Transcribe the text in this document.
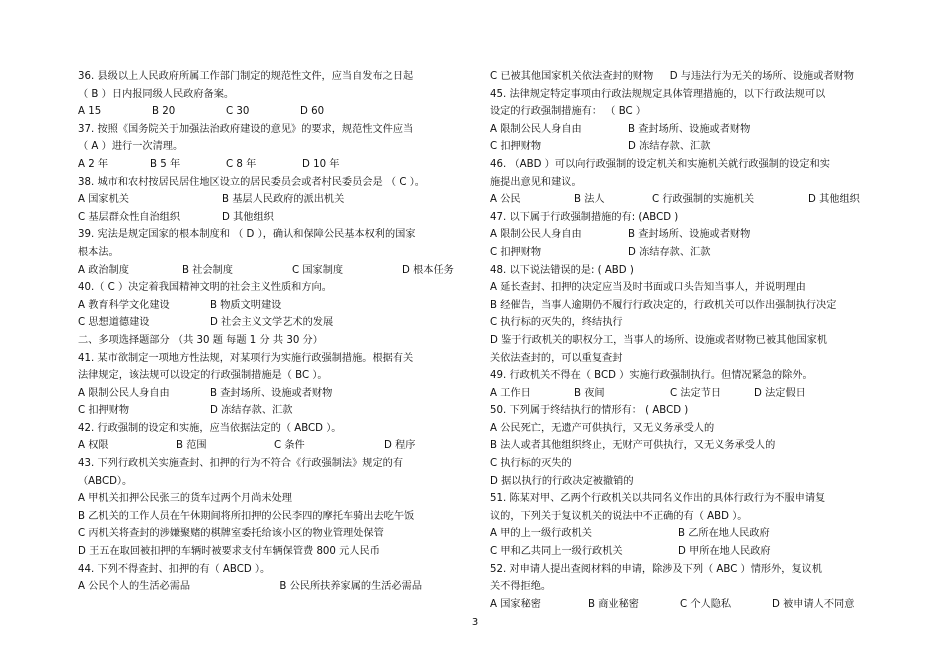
36. 县级以上人民政府所属工作部门制定的规范性文件，应当自发布之日起
（ B ）日内报同级人民政府备案。
A 15	B 20	C 30	D 60
37. 按照《国务院关于加强法治政府建设的意见》的要求，规范性文件应当
（ A ）进行一次清理。
A 2 年	B 5 年	C 8 年	D 10 年
38. 城市和农村按居民居住地区设立的居民委员会或者村民委员会是 （ C ）。
A 国家机关	B 基层人民政府的派出机关
C 基层群众性自治组织	D 其他组织
39. 宪法是规定国家的根本制度和 （ D ），确认和保障公民基本权利的国家
根本法。
A 政治制度	B 社会制度	C 国家制度	D 根本任务
40.（ C ）决定着我国精神文明的社会主义性质和方向。
A 教育科学文化建设	B 物质文明建设
C 思想道德建设	D 社会主义文学艺术的发展
二、多项选择题部分 （共 30 题 每题 1 分 共 30 分）
41. 某市欲制定一项地方性法规，对某项行为实施行政强制措施。根据有关
法律规定，该法规可以设定的行政强制措施是（ BC ）。
A 限制公民人身自由	B 查封场所、设施或者财物
C 扣押财物	D 冻结存款、汇款
42. 行政强制的设定和实施，应当依据法定的（ ABCD ）。
A 权限	B 范围	C 条件	D 程序
43. 下列行政机关实施查封、扣押的行为不符合《行政强制法》规定的有
（ABCD）。
A 甲机关扣押公民张三的货车过两个月尚未处理
B 乙机关的工作人员在午休期间将所扣押的公民李四的摩托车骑出去吃午饭
C 丙机关将查封的涉嫌聚赌的棋牌室委托给该小区的物业管理处保管
D 王五在取回被扣押的车辆时被要求支付车辆保管费 800 元人民币
44. 下列不得查封、扣押的有（ ABCD ）。
A 公民个人的生活必需品	B 公民所扶养家属的生活必需品
C 已被其他国家机关依法查封的财物	D 与违法行为无关的场所、设施或者财物
45. 法律规定特定事项由行政法规规定具体管理措施的，以下行政法规可以
设定的行政强制措施有： （ BC ）
A 限制公民人身自由	B 查封场所、设施或者财物
C 扣押财物	D 冻结存款、汇款
46. （ABD ）可以向行政强制的设定机关和实施机关就行政强制的设定和实
施提出意见和建议。
A 公民	B 法人	C 行政强制的实施机关	D 其他组织
47. 以下属于行政强制措施的有: (ABCD )
A 限制公民人身自由	B 查封场所、设施或者财物
C 扣押财物	D 冻结存款、汇款
48. 以下说法错误的是: ( ABD )
A 延长查封、扣押的决定应当及时书面或口头告知当事人，并说明理由
B 经催告，当事人逾期仍不履行行政决定的，行政机关可以作出强制执行决定
C 执行标的灭失的，终结执行
D 鉴于行政机关的职权分工，当事人的场所、设施或者财物已被其他国家机
关依法查封的，可以重复查封
49. 行政机关不得在（ BCD ）实施行政强制执行。但情况紧急的除外。
A 工作日	B 夜间	C 法定节日	D 法定假日
50. 下列属于终结执行的情形有： ( ABCD )
A 公民死亡，无遗产可供执行，又无义务承受人的
B 法人或者其他组织终止，无财产可供执行，又无义务承受人的
C 执行标的灭失的
D 据以执行的行政决定被撤销的
51. 陈某对甲、乙两个行政机关以共同名义作出的具体行政行为不服申请复
议的，下列关于复议机关的说法中不正确的有（ ABD ）。
A 甲的上一级行政机关	B 乙所在地人民政府
C 甲和乙共同上一级行政机关	D 甲所在地人民政府
52. 对申请人提出查阅材料的申请，除涉及下列（ ABC ）情形外，复议机
关不得拒绝。
A 国家秘密	B 商业秘密	C 个人隐私	D 被申请人不同意
3
